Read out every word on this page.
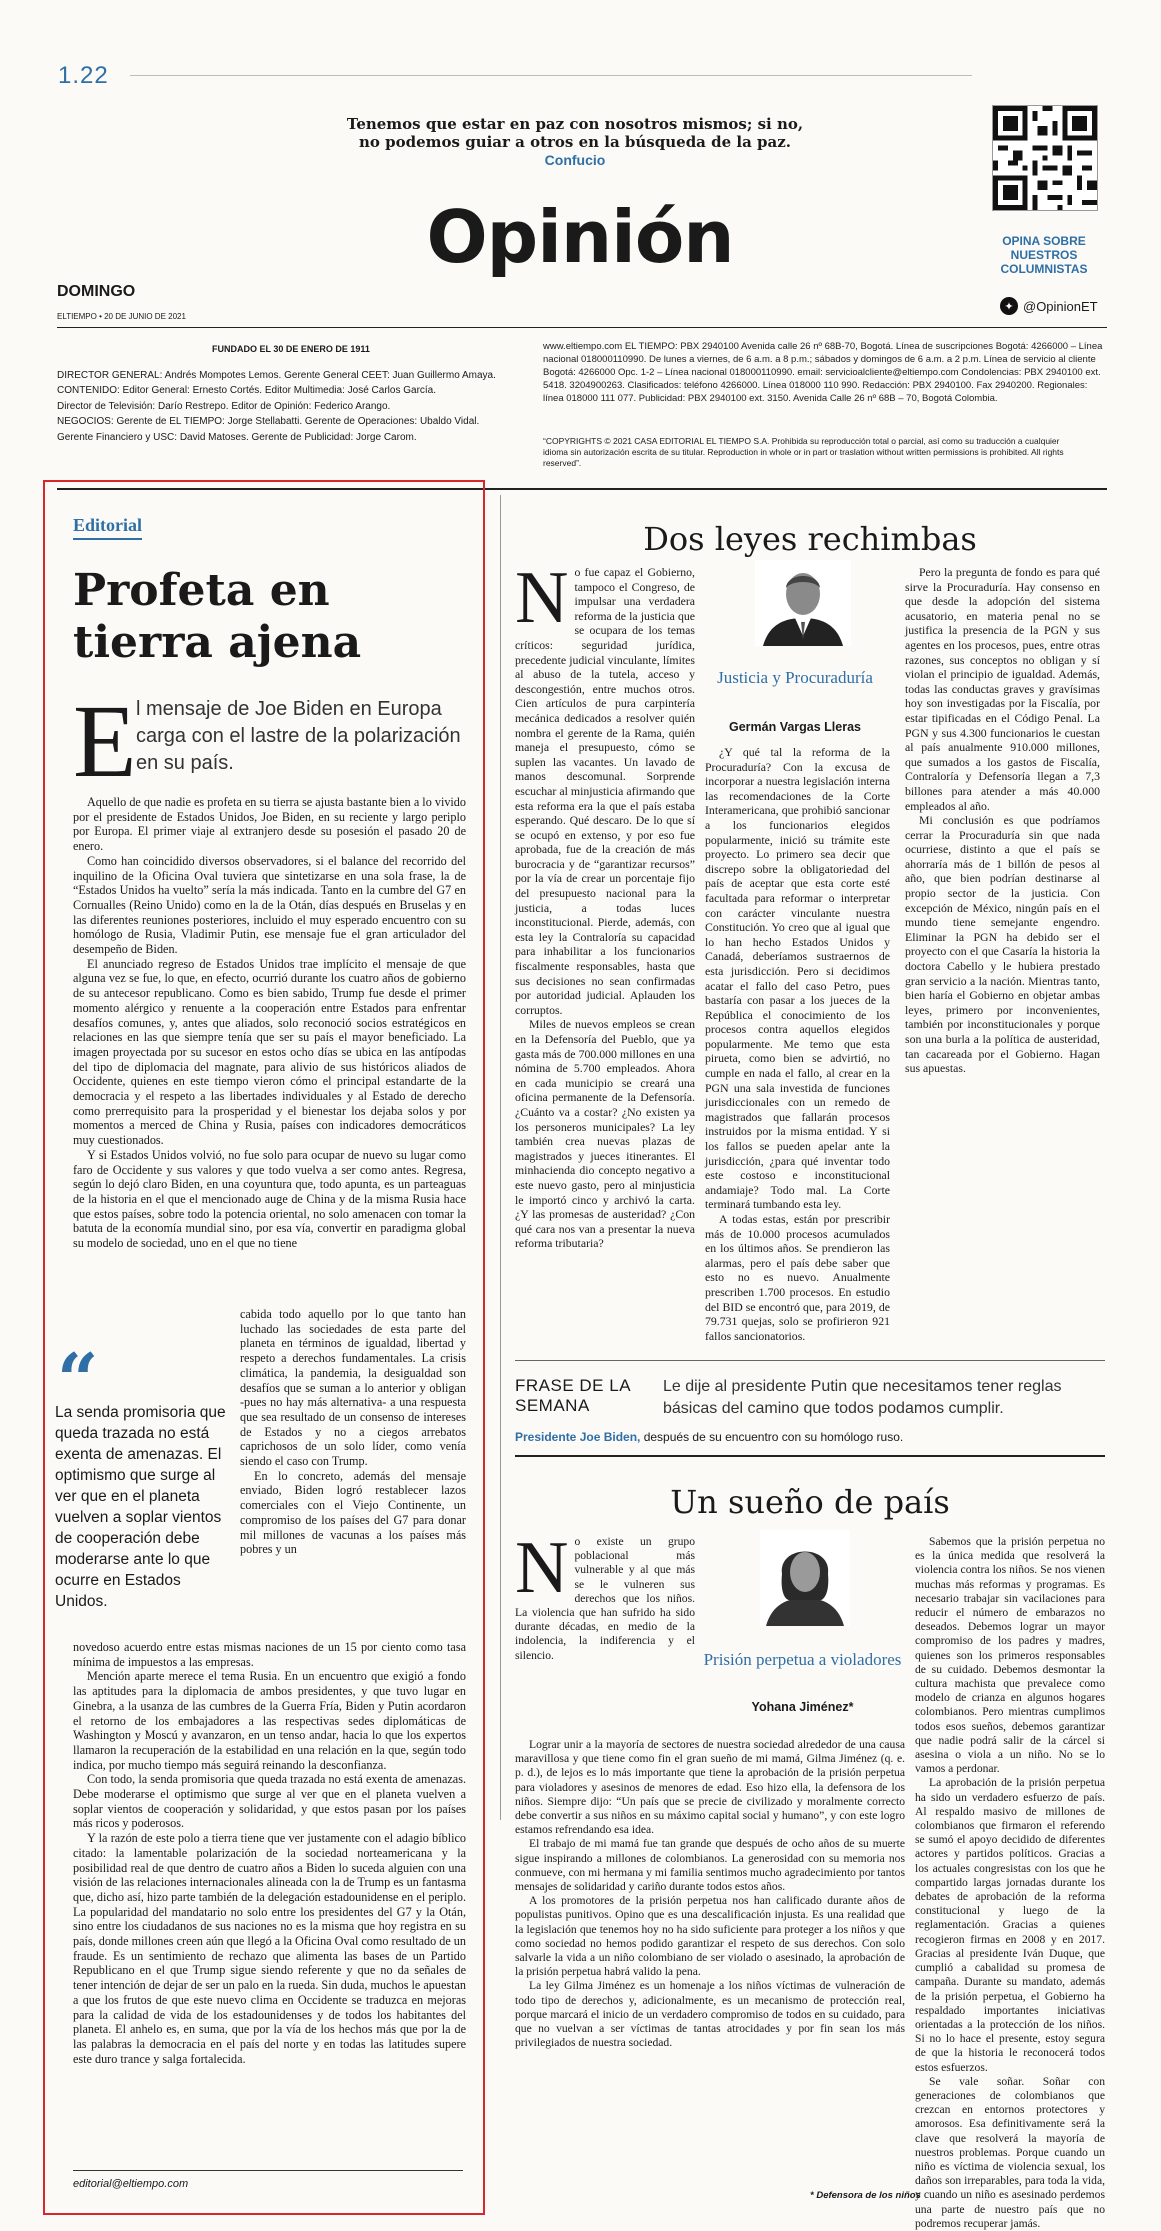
1.22
Tenemos que estar en paz con nosotros mismos; si no, no podemos guiar a otros en la búsqueda de la paz. Confucio
OPINA SOBRE NUESTROS COLUMNISTAS
Opinión
DOMINGO
ELTIEMPO • 20 DE JUNIO DE 2021
✦ @OpinionET
FUNDADO EL 30 DE ENERO DE 1911
DIRECTOR GENERAL: Andrés Mompotes Lemos. Gerente General CEET: Juan Guillermo Amaya.
CONTENIDO: Editor General: Ernesto Cortés. Editor Multimedia: José Carlos García.
Director de Televisión: Darío Restrepo. Editor de Opinión: Federico Arango.
NEGOCIOS: Gerente de EL TIEMPO: Jorge Stellabatti. Gerente de Operaciones: Ubaldo Vidal.
Gerente Financiero y USC: David Matoses. Gerente de Publicidad: Jorge Carom.
www.eltiempo.com EL TIEMPO: PBX 2940100 Avenida calle 26 nº 68B-70, Bogotá. Línea de suscripciones Bogotá: 4266000 – Línea nacional 018000110990. De lunes a viernes, de 6 a.m. a 8 p.m.; sábados y domingos de 6 a.m. a 2 p.m. Línea de servicio al cliente Bogotá: 4266000 Opc. 1-2 – Línea nacional 018000110990. email: servicioalcliente@eltiempo.com Condolencias: PBX 2940100 ext. 5418. 3204900263. Clasificados: teléfono 4266000. Línea 018000 110 990. Redacción: PBX 2940100. Fax 2940200. Regionales: línea 018000 111 077. Publicidad: PBX 2940100 ext. 3150. Avenida Calle 26 nº 68B – 70, Bogotá Colombia.
“COPYRIGHTS © 2021 CASA EDITORIAL EL TIEMPO S.A. Prohibida su reproducción total o parcial, así como su traducción a cualquier idioma sin autorización escrita de su titular. Reproduction in whole or in part or traslation without written permissions is prohibited. All rights reserved”.
Editorial
Profeta en tierra ajena
E l mensaje de Joe Biden en Europa carga con el lastre de la polarización en su país.

Aquello de que nadie es profeta en su tierra se ajusta bastante bien a lo vivido por el presidente de Estados Unidos, Joe Biden, en su reciente y largo periplo por Europa. El primer viaje al extranjero desde su posesión el pasado 20 de enero.

Como han coincidido diversos observadores, si el balance del recorrido del inquilino de la Oficina Oval tuviera que sintetizarse en una sola frase, la de “Estados Unidos ha vuelto” sería la más indicada. Tanto en la cumbre del G7 en Cornualles (Reino Unido) como en la de la Otán, días después en Bruselas y en las diferentes reuniones posteriores, incluido el muy esperado encuentro con su homólogo de Rusia, Vladimir Putin, ese mensaje fue el gran articulador del desempeño de Biden.

El anunciado regreso de Estados Unidos trae implícito el mensaje de que alguna vez se fue, lo que, en efecto, ocurrió durante los cuatro años de gobierno de su antecesor republicano. Como es bien sabido, Trump fue desde el primer momento alérgico y renuente a la cooperación entre Estados para enfrentar desafíos comunes, y, antes que aliados, solo reconoció socios estratégicos en relaciones en las que siempre tenía que ser su país el mayor beneficiado. La imagen proyectada por su sucesor en estos ocho días se ubica en las antípodas del tipo de diplomacia del magnate, para alivio de sus históricos aliados de Occidente, quienes en este tiempo vieron cómo el principal estandarte de la democracia y el respeto a las libertades individuales y al Estado de derecho como prerrequisito para la prosperidad y el bienestar los dejaba solos y por momentos a merced de China y Rusia, países con indicadores democráticos muy cuestionados.

Y si Estados Unidos volvió, no fue solo para ocupar de nuevo su lugar como faro de Occidente y sus valores y que todo vuelva a ser como antes. Regresa, según lo dejó claro Biden, en una coyuntura que, todo apunta, es un parteaguas de la historia en el que el mencionado auge de China y de la misma Rusia hace que estos países, sobre todo la potencia oriental, no solo amenacen con tomar la batuta de la economía mundial sino, por esa vía, convertir en paradigma global su modelo de sociedad, uno en el que no tiene

“
La senda promisoria que queda trazada no está exenta de amenazas. El optimismo que surge al ver que en el planeta vuelven a soplar vientos de cooperación debe moderarse ante lo que ocurre en Estados Unidos.

cabida todo aquello por lo que tanto han luchado las sociedades de esta parte del planeta en términos de igualdad, libertad y respeto a derechos fundamentales. La crisis climática, la pandemia, la desigualdad son desafíos que se suman a lo anterior y obligan -pues no hay más alternativa- a una respuesta que sea resultado de un consenso de intereses de Estados y no a ciegos arrebatos caprichosos de un solo líder, como venía siendo el caso con Trump.

En lo concreto, además del mensaje enviado, Biden logró restablecer lazos comerciales con el Viejo Continente, un compromiso de los países del G7 para donar mil millones de vacunas a los países más pobres y un

novedoso acuerdo entre estas mismas naciones de un 15 por ciento como tasa mínima de impuestos a las empresas.

Mención aparte merece el tema Rusia. En un encuentro que exigió a fondo las aptitudes para la diplomacia de ambos presidentes, y que tuvo lugar en Ginebra, a la usanza de las cumbres de la Guerra Fría, Biden y Putin acordaron el retorno de los embajadores a las respectivas sedes diplomáticas de Washington y Moscú y avanzaron, en un tenso andar, hacia lo que los expertos llamaron la recuperación de la estabilidad en una relación en la que, según todo indica, por mucho tiempo más seguirá reinando la desconfianza.

Con todo, la senda promisoria que queda trazada no está exenta de amenazas. Debe moderarse el optimismo que surge al ver que en el planeta vuelven a soplar vientos de cooperación y solidaridad, y que estos pasan por los países más ricos y poderosos.

Y la razón de este polo a tierra tiene que ver justamente con el adagio bíblico citado: la lamentable polarización de la sociedad norteamericana y la posibilidad real de que dentro de cuatro años a Biden lo suceda alguien con una visión de las relaciones internacionales alineada con la de Trump es un fantasma que, dicho así, hizo parte también de la delegación estadounidense en el periplo. La popularidad del mandatario no solo entre los presidentes del G7 y la Otán, sino entre los ciudadanos de sus naciones no es la misma que hoy registra en su país, donde millones creen aún que llegó a la Oficina Oval como resultado de un fraude. Es un sentimiento de rechazo que alimenta las bases de un Partido Republicano en el que Trump sigue siendo referente y que no da señales de tener intención de dejar de ser un palo en la rueda. Sin duda, muchos le apuestan a que los frutos de que este nuevo clima en Occidente se traduzca en mejoras para la calidad de vida de los estadounidenses y de todos los habitantes del planeta. El anhelo es, en suma, que por la vía de los hechos más que por la de las palabras la democracia en el país del norte y en todas las latitudes supere este duro trance y salga fortalecida.

editorial@eltiempo.com
Dos leyes rechimbas
N o fue capaz el Gobierno, tampoco el Congreso, de impulsar una verdadera reforma de la justicia que se ocupara de los temas críticos: seguridad jurídica, precedente judicial vinculante, límites al abuso de la tutela, acceso y descongestión, entre muchos otros. Cien artículos de pura carpintería mecánica dedicados a resolver quién nombra el gerente de la Rama, quién maneja el presupuesto, cómo se suplen las vacantes. Un lavado de manos descomunal. Sorprende escuchar al minjusticia afirmando que esta reforma era la que el país estaba esperando. Qué descaro. De lo que sí se ocupó en extenso, y por eso fue aprobada, fue de la creación de más burocracia y de “garantizar recursos” por la vía de crear un porcentaje fijo del presupuesto nacional para la justicia, a todas luces inconstitucional. Pierde, además, con esta ley la Contraloría su capacidad para inhabilitar a los funcionarios fiscalmente responsables, hasta que sus decisiones no sean confirmadas por autoridad judicial. Aplauden los corruptos.

Miles de nuevos empleos se crean en la Defensoría del Pueblo, que ya gasta más de 700.000 millones en una nómina de 5.700 empleados. Ahora en cada municipio se creará una oficina permanente de la Defensoría. ¿Cuánto va a costar? ¿No existen ya los personeros municipales? La ley también crea nuevas plazas de magistrados y jueces itinerantes. El minhacienda dio concepto negativo a este nuevo gasto, pero al minjusticia le importó cinco y archivó la carta. ¿Y las promesas de austeridad? ¿Con qué cara nos van a presentar la nueva reforma tributaria?

Justicia y Procuraduría
Germán Vargas Lleras

¿Y qué tal la reforma de la Procuraduría? Con la excusa de incorporar a nuestra legislación interna las recomendaciones de la Corte Interamericana, que prohibió sancionar a los funcionarios elegidos popularmente, inició su trámite este proyecto. Lo primero sea decir que discrepo sobre la obligatoriedad del país de aceptar que esta corte esté facultada para reformar o interpretar con carácter vinculante nuestra Constitución. Yo creo que al igual que lo han hecho Estados Unidos y Canadá, deberíamos sustraernos de esta jurisdicción. Pero si decidimos acatar el fallo del caso Petro, pues bastaría con pasar a los jueces de la República el conocimiento de los procesos contra aquellos elegidos popularmente. Me temo que esta pirueta, como bien se advirtió, no cumple en nada el fallo, al crear en la PGN una sala investida de funciones jurisdiccionales con un remedo de magistrados que fallarán procesos instruidos por la misma entidad. Y si los fallos se pueden apelar ante la jurisdicción, ¿para qué inventar todo este costoso e inconstitucional andamiaje? Todo mal. La Corte terminará tumbando esta ley.

A todas estas, están por prescribir más de 10.000 procesos acumulados en los últimos años. Se prendieron las alarmas, pero el país debe saber que esto no es nuevo. Anualmente prescriben 1.700 procesos. En estudio del BID se encontró que, para 2019, de 79.731 quejas, solo se profirieron 921 fallos sancionatorios.

Pero la pregunta de fondo es para qué sirve la Procuraduría. Hay consenso en que desde la adopción del sistema acusatorio, en materia penal no se justifica la presencia de la PGN y sus agentes en los procesos, pues, entre otras razones, sus conceptos no obligan y sí violan el principio de igualdad. Además, todas las conductas graves y gravísimas hoy son investigadas por la Fiscalía, por estar tipificadas en el Código Penal. La PGN y sus 4.300 funcionarios le cuestan al país anualmente 910.000 millones, que sumados a los gastos de Fiscalía, Contraloría y Defensoría llegan a 7,3 billones para atender a más 40.000 empleados al año.

Mi conclusión es que podríamos cerrar la Procuraduría sin que nada ocurriese, distinto a que el país se ahorraría más de 1 billón de pesos al año, que bien podrían destinarse al propio sector de la justicia. Con excepción de México, ningún país en el mundo tiene semejante engendro. Eliminar la PGN ha debido ser el proyecto con el que Casaría la historia la doctora Cabello y le hubiera prestado gran servicio a la nación. Mientras tanto, bien haría el Gobierno en objetar ambas leyes, primero por inconvenientes, también por inconstitucionales y porque son una burla a la política de austeridad, tan cacareada por el Gobierno. Hagan sus apuestas.

FRASE DE LA SEMANA
Le dije al presidente Putin que necesitamos tener reglas básicas del camino que todos podamos cumplir.
Presidente Joe Biden, después de su encuentro con su homólogo ruso.
Un sueño de país
N o existe un grupo poblacional más vulnerable y al que más se le vulneren sus derechos que los niños. La violencia que han sufrido ha sido durante décadas, en medio de la indolencia, la indiferencia y el silencio.	Prisión perpetua a violadores
Yohana Jiménez*

Lograr unir a la mayoría de sectores de nuestra sociedad alrededor de una causa maravillosa y que tiene como fin el gran sueño de mi mamá, Gilma Jiménez (q. e. p. d.), de lejos es lo más importante que tiene la aprobación de la prisión perpetua para violadores y asesinos de menores de edad. Eso hizo ella, la defensora de los niños. Siempre dijo: “Un país que se precie de civilizado y moralmente correcto debe convertir a sus niños en su máximo capital social y humano”, y con este logro estamos refrendando esa idea.

El trabajo de mi mamá fue tan grande que después de ocho años de su muerte sigue inspirando a millones de colombianos. La generosidad con su memoria nos conmueve, con mi hermana y mi familia sentimos mucho agradecimiento por tantos mensajes de solidaridad y cariño durante todos estos años.

A los promotores de la prisión perpetua nos han calificado durante años de populistas punitivos. Opino que es una descalificación injusta. Es una realidad que la legislación que tenemos hoy no ha sido suficiente para proteger a los niños y que como sociedad no hemos podido garantizar el respeto de sus derechos. Con solo salvarle la vida a un niño colombiano de ser violado o asesinado, la aprobación de la prisión perpetua habrá valido la pena.

La ley Gilma Jiménez es un homenaje a los niños víctimas de vulneración de todo tipo de derechos y, adicionalmente, es un mecanismo de protección real, porque marcará el inicio de un verdadero compromiso de todos en su cuidado, para que no vuelvan a ser víctimas de tantas atrocidades y por fin sean los más privilegiados de nuestra sociedad.

Sabemos que la prisión perpetua no es la única medida que resolverá la violencia contra los niños. Se nos vienen muchas más reformas y programas. Es necesario trabajar sin vacilaciones para reducir el número de embarazos no deseados. Debemos lograr un mayor compromiso de los padres y madres, quienes son los primeros responsables de su cuidado. Debemos desmontar la cultura machista que prevalece como modelo de crianza en algunos hogares colombianos. Pero mientras cumplimos todos esos sueños, debemos garantizar que nadie podrá salir de la cárcel si asesina o viola a un niño. No se lo vamos a perdonar.

La aprobación de la prisión perpetua ha sido un verdadero esfuerzo de país. Al respaldo masivo de millones de colombianos que firmaron el referendo se sumó el apoyo decidido de diferentes actores y partidos políticos. Gracias a los actuales congresistas con los que he compartido largas jornadas durante los debates de aprobación de la reforma constitucional y luego de la reglamentación. Gracias a quienes recogieron firmas en 2008 y en 2017. Gracias al presidente Iván Duque, que cumplió a cabalidad su promesa de campaña. Durante su mandato, además de la prisión perpetua, el Gobierno ha respaldado importantes iniciativas orientadas a la protección de los niños. Si no lo hace el presente, estoy segura de que la historia le reconocerá todos estos esfuerzos.

Se vale soñar. Soñar con generaciones de colombianos que crezcan en entornos protectores y amorosos. Esa definitivamente será la clave que resolverá la mayoría de nuestros problemas. Porque cuando un niño es víctima de violencia sexual, los daños son irreparables, para toda la vida, y cuando un niño es asesinado perdemos una parte de nuestro país que no podremos recuperar jamás.

* Defensora de los niños
